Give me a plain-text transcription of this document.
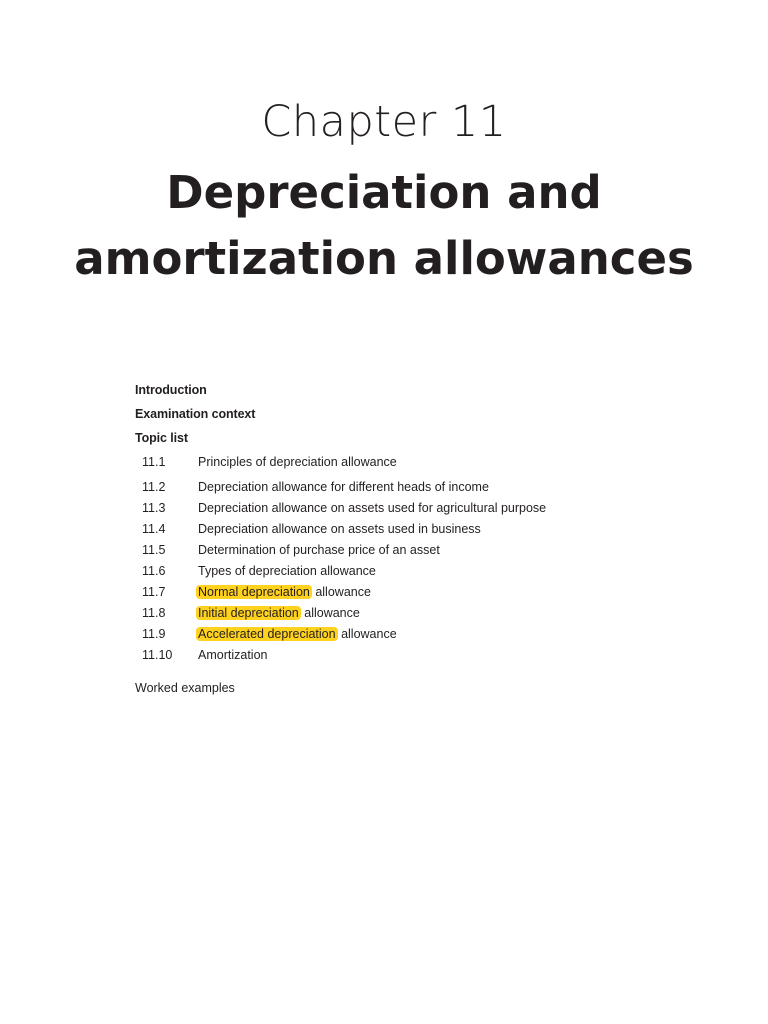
Chapter 11
Depreciation and
amortization allowances
Introduction
Examination context
Topic list
11.1	Principles of depreciation allowance
11.2	Depreciation allowance for different heads of income
11.3	Depreciation allowance on assets used for agricultural purpose
11.4	Depreciation allowance on assets used in business
11.5	Determination of purchase price of an asset
11.6	Types of depreciation allowance
11.7	Normal depreciation allowance
11.8	Initial depreciation allowance
11.9	Accelerated depreciation allowance
11.10	Amortization
Worked examples
